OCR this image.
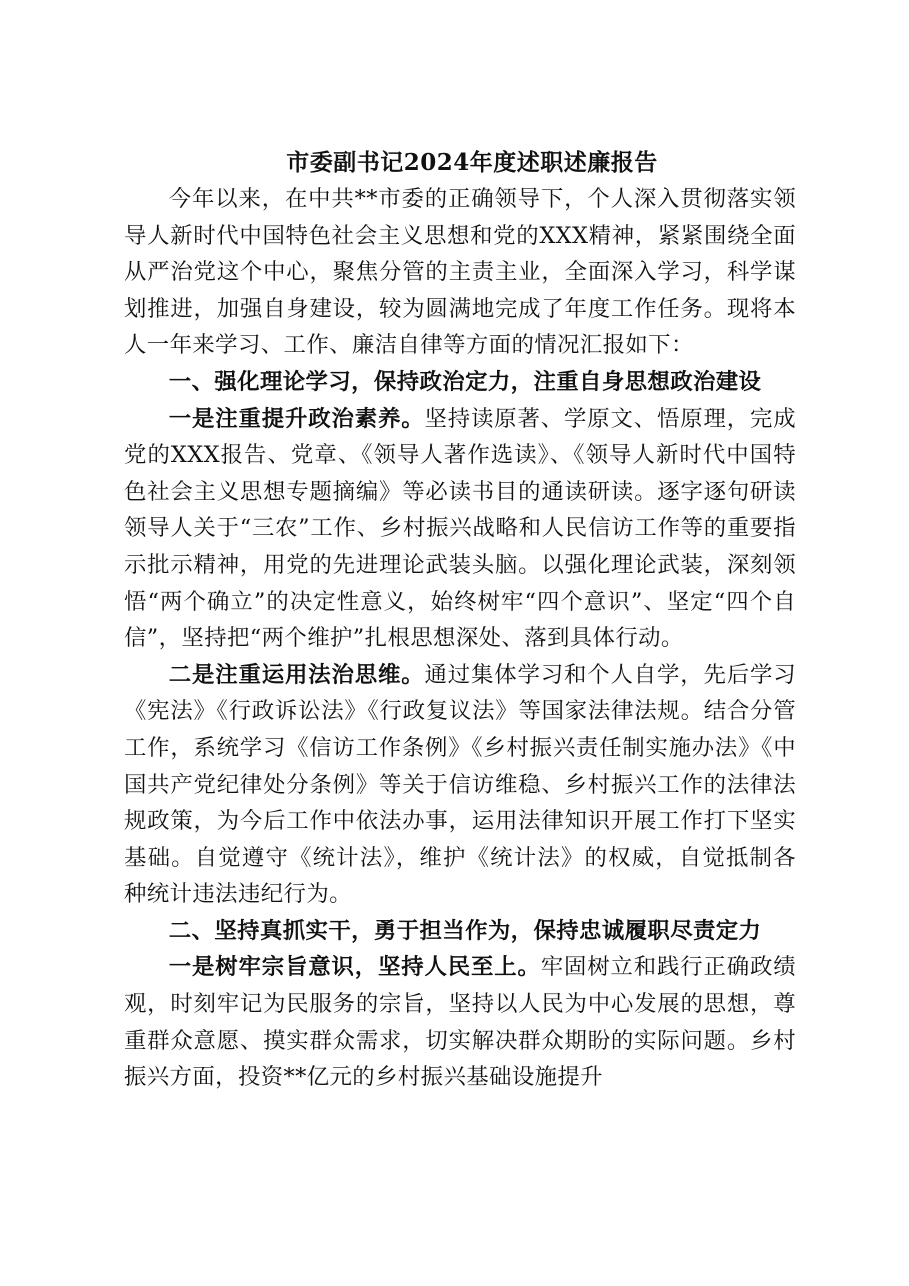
市委副书记2024年度述职述廉报告

今年以来，在中共**市委的正确领导下，个人深入贯彻落实领导人新时代中国特色社会主义思想和党的XXX精神，紧紧围绕全面从严治党这个中心，聚焦分管的主责主业，全面深入学习，科学谋划推进，加强自身建设，较为圆满地完成了年度工作任务。现将本人一年来学习、工作、廉洁自律等方面的情况汇报如下：

一、强化理论学习，保持政治定力，注重自身思想政治建设

一是注重提升政治素养。坚持读原著、学原文、悟原理，完成党的XXX报告、党章、《领导人著作选读》、《领导人新时代中国特色社会主义思想专题摘编》等必读书目的通读研读。逐字逐句研读领导人关于“三农”工作、乡村振兴战略和人民信访工作等的重要指示批示精神，用党的先进理论武装头脑。以强化理论武装，深刻领悟“两个确立”的决定性意义，始终树牢“四个意识”、坚定“四个自信”，坚持把“两个维护”扎根思想深处、落到具体行动。

二是注重运用法治思维。通过集体学习和个人自学，先后学习《宪法》《行政诉讼法》《行政复议法》等国家法律法规。结合分管工作，系统学习《信访工作条例》《乡村振兴责任制实施办法》《中国共产党纪律处分条例》等关于信访维稳、乡村振兴工作的法律法规政策，为今后工作中依法办事，运用法律知识开展工作打下坚实基础。自觉遵守《统计法》，维护《统计法》的权威，自觉抵制各种统计违法违纪行为。

二、坚持真抓实干，勇于担当作为，保持忠诚履职尽责定力

一是树牢宗旨意识，坚持人民至上。牢固树立和践行正确政绩观，时刻牢记为民服务的宗旨，坚持以人民为中心发展的思想，尊重群众意愿、摸实群众需求，切实解决群众期盼的实际问题。乡村振兴方面，投资**亿元的乡村振兴基础设施提升
